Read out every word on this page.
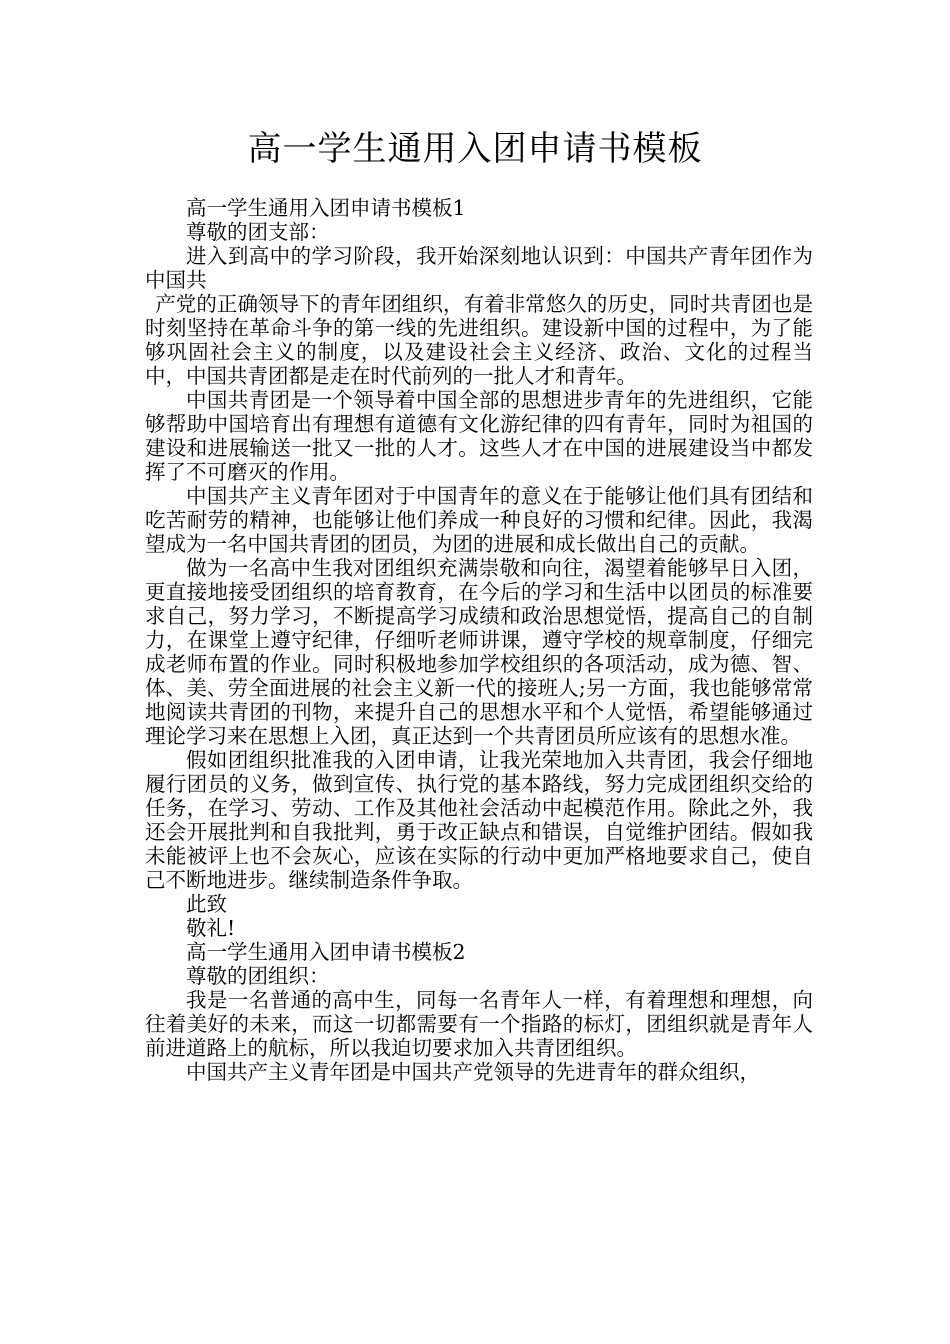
高一学生通用入团申请书模板

高一学生通用入团申请书模板1

尊敬的团支部：

进入到高中的学习阶段，我开始深刻地认识到：中国共产青年团作为中国共

产党的正确领导下的青年团组织，有着非常悠久的历史，同时共青团也是时刻坚持在革命斗争的第一线的先进组织。建设新中国的过程中，为了能够巩固社会主义的制度，以及建设社会主义经济、政治、文化的过程当中，中国共青团都是走在时代前列的一批人才和青年。

中国共青团是一个领导着中国全部的思想进步青年的先进组织，它能够帮助中国培育出有理想有道德有文化游纪律的四有青年，同时为祖国的建设和进展输送一批又一批的人才。这些人才在中国的进展建设当中都发挥了不可磨灭的作用。

中国共产主义青年团对于中国青年的意义在于能够让他们具有团结和吃苦耐劳的精神，也能够让他们养成一种良好的习惯和纪律。因此，我渴望成为一名中国共青团的团员，为团的进展和成长做出自己的贡献。

做为一名高中生我对团组织充满崇敬和向往，渴望着能够早日入团，更直接地接受团组织的培育教育，在今后的学习和生活中以团员的标准要求自己，努力学习，不断提高学习成绩和政治思想觉悟，提高自己的自制力，在课堂上遵守纪律，仔细听老师讲课，遵守学校的规章制度，仔细完成老师布置的作业。同时积极地参加学校组织的各项活动，成为德、智、体、美、劳全面进展的社会主义新一代的接班人;另一方面，我也能够常常地阅读共青团的刊物，来提升自己的思想水平和个人觉悟，希望能够通过理论学习来在思想上入团，真正达到一个共青团员所应该有的思想水准。

假如团组织批准我的入团申请，让我光荣地加入共青团，我会仔细地履行团员的义务，做到宣传、执行党的基本路线，努力完成团组织交给的任务，在学习、劳动、工作及其他社会活动中起模范作用。除此之外，我还会开展批判和自我批判，勇于改正缺点和错误，自觉维护团结。假如我未能被评上也不会灰心，应该在实际的行动中更加严格地要求自己，使自己不断地进步。继续制造条件争取。

此致

敬礼!

高一学生通用入团申请书模板2

尊敬的团组织：

我是一名普通的高中生，同每一名青年人一样，有着理想和理想，向往着美好的未来，而这一切都需要有一个指路的标灯，团组织就是青年人前进道路上的航标，所以我迫切要求加入共青团组织。

中国共产主义青年团是中国共产党领导的先进青年的群众组织，
